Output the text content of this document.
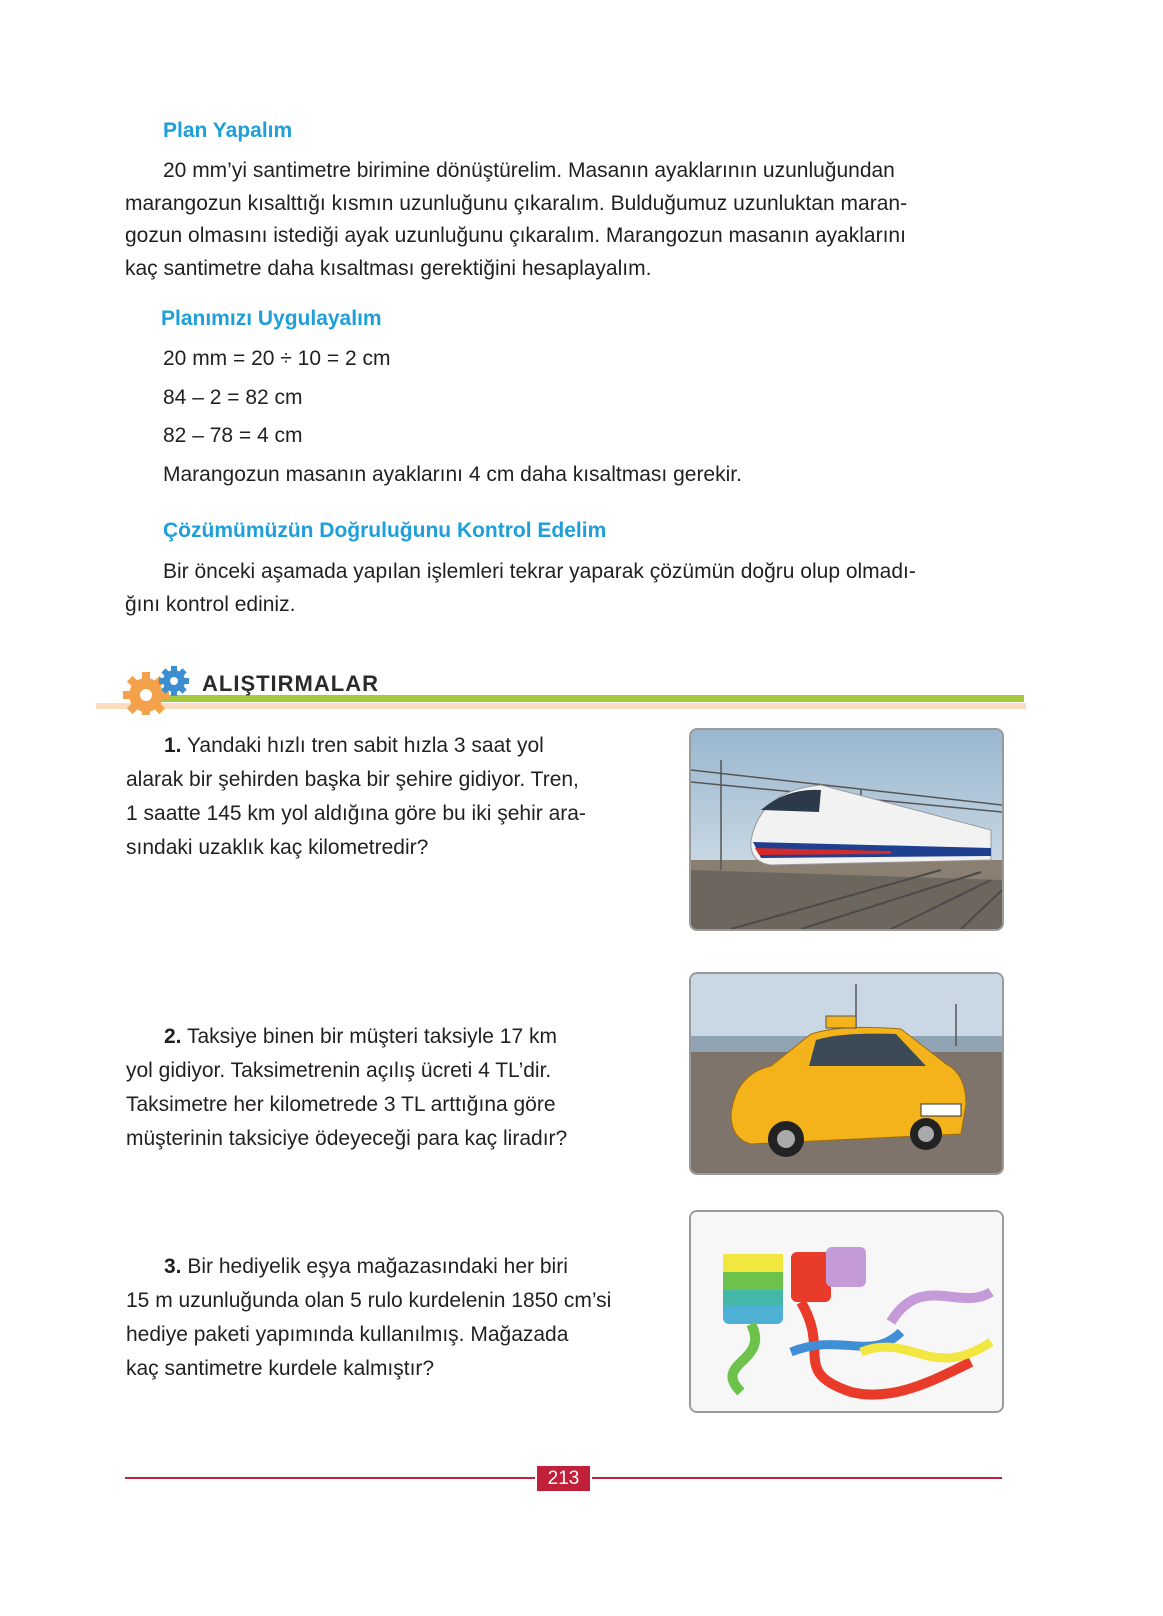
Plan Yapalım
20 mm’yi santimetre birimine dönüştürelim. Masanın ayaklarının uzunluğundan
marangozun kısalttığı kısmın uzunluğunu çıkaralım. Bulduğumuz uzunluktan maran-
gozun olmasını istediği ayak uzunluğunu çıkaralım. Marangozun masanın ayaklarını
kaç santimetre daha kısaltması gerektiğini hesaplayalım.
Planımızı Uygulayalım
20 mm = 20 ÷ 10 = 2 cm
84 – 2 = 82 cm
82 – 78 = 4 cm
Marangozun masanın ayaklarını 4 cm daha kısaltması gerekir.
Çözümümüzün Doğruluğunu Kontrol Edelim
Bir önceki aşamada yapılan işlemleri tekrar yaparak çözümün doğru olup olmadı-
ğını kontrol ediniz.
ALIŞTIRMALAR
1. Yandaki hızlı tren sabit hızla 3 saat yol
alarak bir şehirden başka bir şehire gidiyor. Tren,
1 saatte 145 km yol aldığına göre bu iki şehir ara-
sındaki uzaklık kaç kilometredir?
2. Taksiye binen bir müşteri taksiyle 17 km
yol gidiyor. Taksimetrenin açılış ücreti 4 TL’dir.
Taksimetre her kilometrede 3 TL arttığına göre
müşterinin taksiciye ödeyeceği para kaç liradır?
3. Bir hediyelik eşya mağazasındaki her biri
15 m uzunluğunda olan 5 rulo kurdelenin 1850 cm’si
hediye paketi yapımında kullanılmış. Mağazada
kaç santimetre kurdele kalmıştır?
213
